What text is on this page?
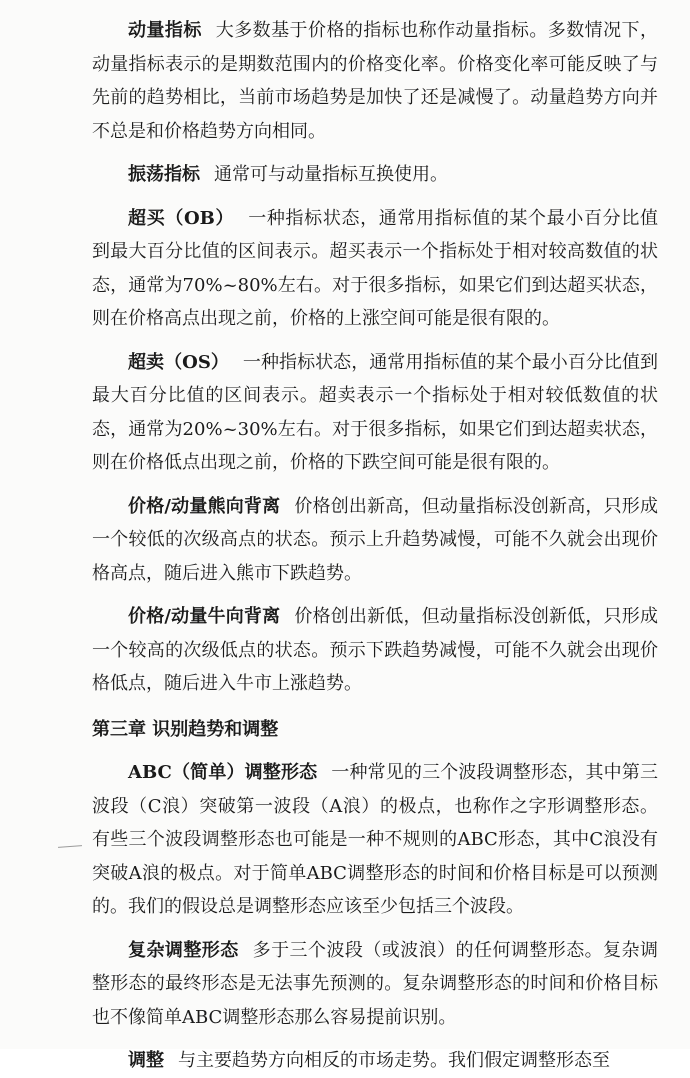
动量指标 大多数基于价格的指标也称作动量指标。多数情况下，动量指标表示的是期数范围内的价格变化率。价格变化率可能反映了与先前的趋势相比，当前市场趋势是加快了还是减慢了。动量趋势方向并不总是和价格趋势方向相同。

振荡指标 通常可与动量指标互换使用。

超买（OB） 一种指标状态，通常用指标值的某个最小百分比值到最大百分比值的区间表示。超买表示一个指标处于相对较高数值的状态，通常为70%~80%左右。对于很多指标，如果它们到达超买状态，则在价格高点出现之前，价格的上涨空间可能是很有限的。

超卖（OS） 一种指标状态，通常用指标值的某个最小百分比值到最大百分比值的区间表示。超卖表示一个指标处于相对较低数值的状态，通常为20%~30%左右。对于很多指标，如果它们到达超卖状态，则在价格低点出现之前，价格的下跌空间可能是很有限的。

价格/动量熊向背离 价格创出新高，但动量指标没创新高，只形成一个较低的次级高点的状态。预示上升趋势减慢，可能不久就会出现价格高点，随后进入熊市下跌趋势。

价格/动量牛向背离 价格创出新低，但动量指标没创新低，只形成一个较高的次级低点的状态。预示下跌趋势减慢，可能不久就会出现价格低点，随后进入牛市上涨趋势。

第三章 识别趋势和调整

ABC（简单）调整形态 一种常见的三个波段调整形态，其中第三波段（C浪）突破第一波段（A浪）的极点，也称作之字形调整形态。有些三个波段调整形态也可能是一种不规则的ABC形态，其中C浪没有突破A浪的极点。对于简单ABC调整形态的时间和价格目标是可以预测的。我们的假设总是调整形态应该至少包括三个波段。

复杂调整形态 多于三个波段（或波浪）的任何调整形态。复杂调整形态的最终形态是无法事先预测的。复杂调整形态的时间和价格目标也不像简单ABC调整形态那么容易提前识别。

调整 与主要趋势方向相反的市场走势。我们假定调整形态至
